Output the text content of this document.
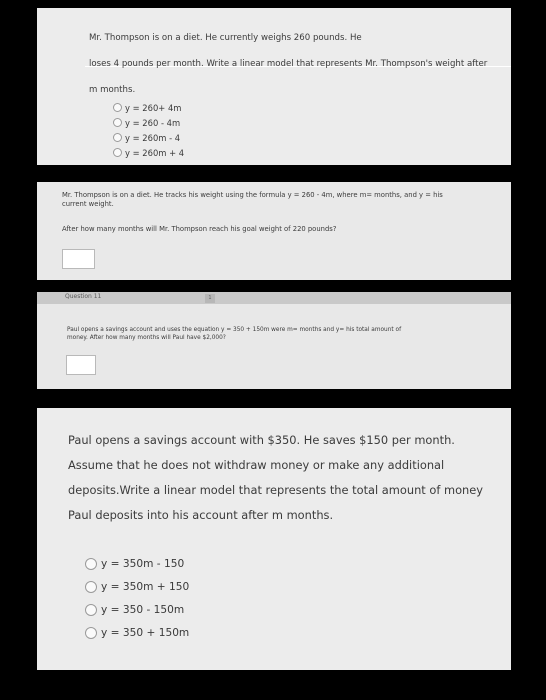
Mr. Thompson is on a diet. He currently weighs 260 pounds. He
loses 4 pounds per month. Write a linear model that represents Mr. Thompson's weight after
m months.
y = 260+ 4m
y = 260 - 4m
y = 260m - 4
y = 260m + 4
Mr. Thompson is on a diet. He tracks his weight using the formula y = 260 - 4m, where m= months, and y = his
current weight.
After how many months will Mr. Thompson reach his goal weight of 220 pounds?
Question 11	1
Paul opens a savings account and uses the equation y = 350 + 150m were m= months and y= his total amount of
money. After how many months will Paul have $2,000?
Paul opens a savings account with $350. He saves $150 per month.
Assume that he does not withdraw money or make any additional
deposits.Write a linear model that represents the total amount of money
Paul deposits into his account after m months.
y = 350m - 150
y = 350m + 150
y = 350 - 150m
y = 350 + 150m
